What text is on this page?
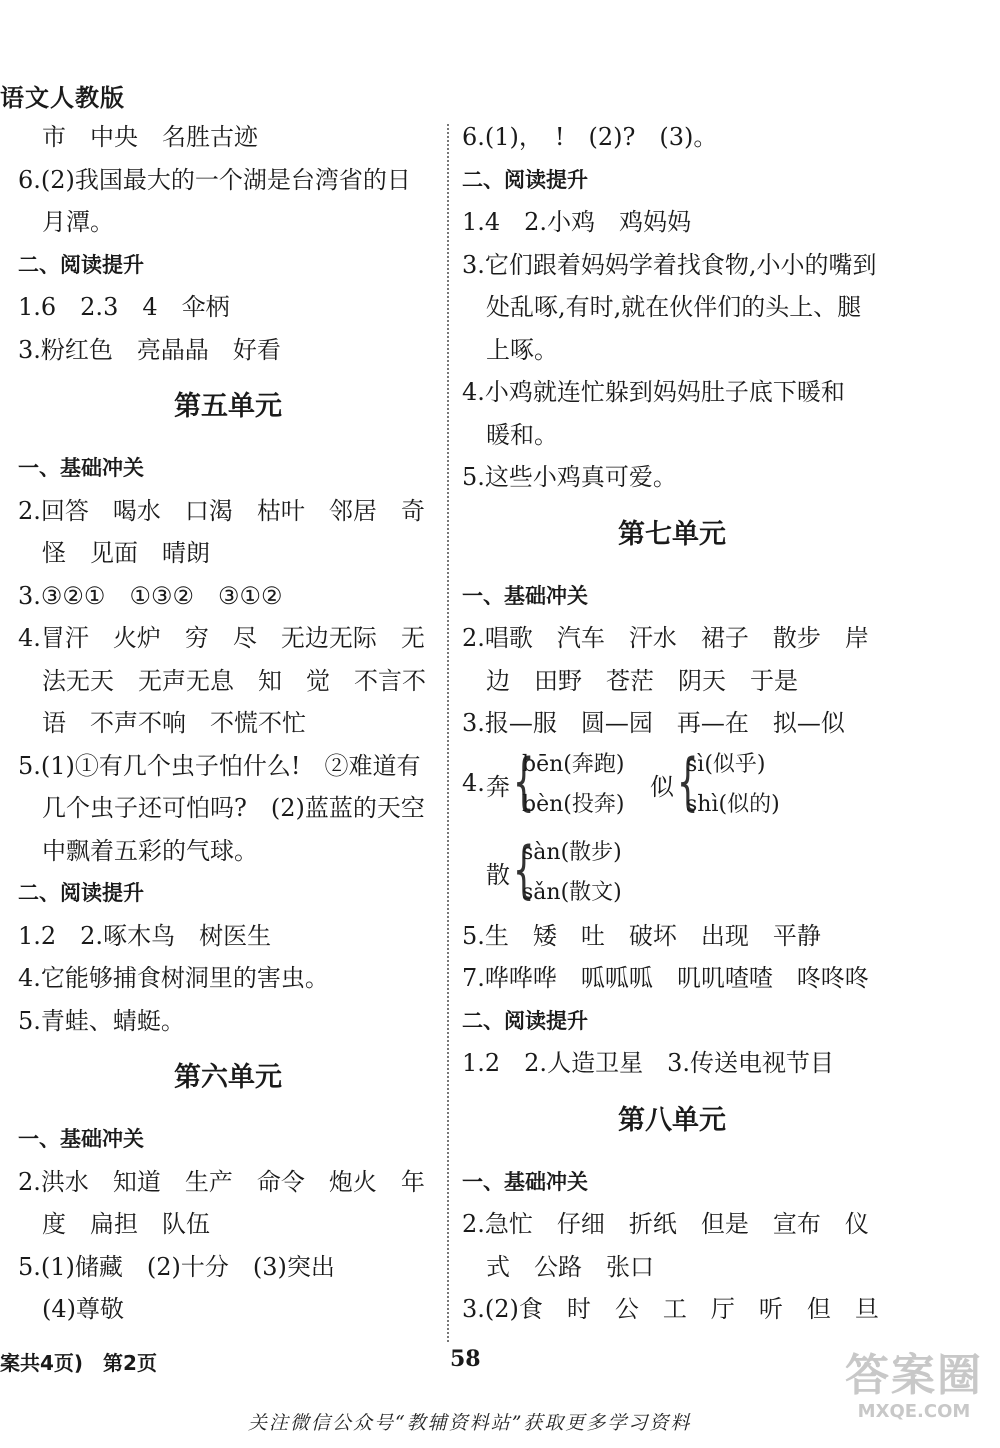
语文人教版
市　中央　名胜古迹
6.(2)我国最大的一个湖是台湾省的日
月潭。
二、阅读提升
1.6　2.3　4　伞柄
3.粉红色　亮晶晶　好看
第五单元
一、基础冲关
2.回答　喝水　口渴　枯叶　邻居　奇
怪　见面　晴朗
3.③②①　①③②　③①②
4.冒汗　火炉　穷　尽　无边无际　无
法无天　无声无息　知　觉　不言不
语　不声不响　不慌不忙
5.(1)①有几个虫子怕什么!　②难道有
几个虫子还可怕吗?　(2)蓝蓝的天空
中飘着五彩的气球。
二、阅读提升
1.2　2.啄木鸟　树医生
4.它能够捕食树洞里的害虫。
5.青蛙、蜻蜓。
第六单元
一、基础冲关
2.洪水　知道　生产　命令　炮火　年
度　扁担　队伍
5.(1)储藏　(2)十分　(3)突出
(4)尊敬
6.(1)，　!　(2)?　(3)。
二、阅读提升
1.4　2.小鸡　鸡妈妈
3.它们跟着妈妈学着找食物,小小的嘴到
处乱啄,有时,就在伙伴们的头上、腿
上啄。
4.小鸡就连忙躲到妈妈肚子底下暖和
暖和。
5.这些小鸡真可爱。
第七单元
一、基础冲关
2.唱歌　汽车　汗水　裙子　散步　岸
边　田野　苍茫　阴天　于是
3.报—服　圆—园　再—在　拟—似
4. 奔 {
bēn(奔跑)
bèn(投奔)
似 {
sì(似乎)
shì(似的)
散 {
sàn(散步)
sǎn(散文)
5.生　矮　吐　破坏　出现　平静
7.哗哗哗　呱呱呱　叽叽喳喳　咚咚咚
二、阅读提升
1.2　2.人造卫星　3.传送电视节目
第八单元
一、基础冲关
2.急忙　仔细　折纸　但是　宣布　仪
式　公路　张口
3.(2)食　时　公　工　厅　听　但　旦
案共4页)　第2页	58
关注微信公众号“教辅资料站”获取更多学习资料
答案圈
MXQE.COM
